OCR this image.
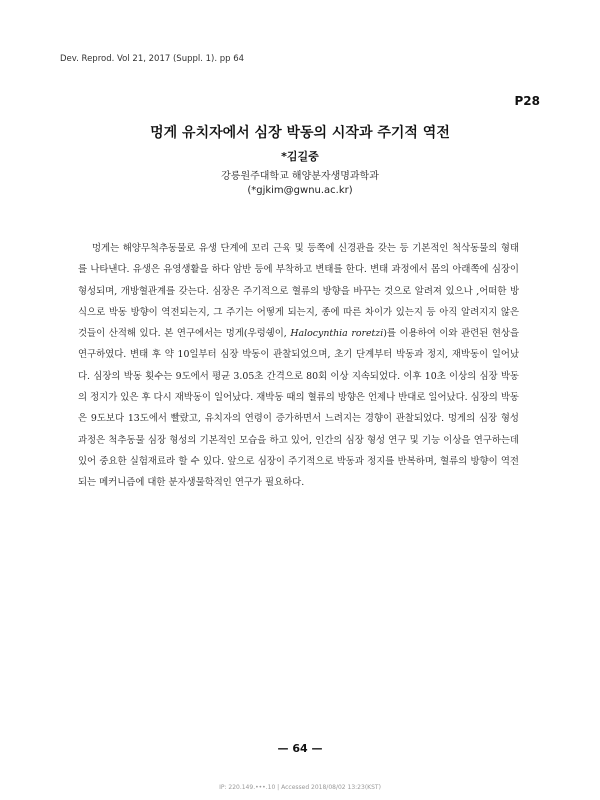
Dev. Reprod. Vol 21, 2017 (Suppl. 1). pp 64
P28
멍게 유치자에서 심장 박동의 시작과 주기적 역전
*김길중
강릉원주대학교 해양분자생명과학과
(*gjkim@gwnu.ac.kr)

멍게는 해양무척추동물로 유생 단계에 꼬리 근육 및 등쪽에 신경관을 갖는 등 기본적인 척삭동물의 형태를 나타낸다. 유생은 유영생활을 하다 암반 등에 부착하고 변태를 한다. 변태 과정에서 몸의 아래쪽에 심장이 형성되며, 개방혈관계를 갖는다. 심장은 주기적으로 혈류의 방향을 바꾸는 것으로 알려져 있으나 ,어떠한 방식으로 박동 방향이 역전되는지, 그 주기는 어떻게 되는지, 종에 따른 차이가 있는지 등 아직 알려지지 않은 것들이 산적해 있다. 본 연구에서는 멍게(우렁쉥이, Halocynthia roretzi)를 이용하여 이와 관련된 현상을 연구하였다. 변태 후 약 10일부터 심장 박동이 관찰되었으며, 초기 단계부터 박동과 정지, 재박동이 일어났다. 심장의 박동 횟수는 9도에서 평균 3.05초 간격으로 80회 이상 지속되었다. 이후 10초 이상의 심장 박동의 정지가 있은 후 다시 재박동이 일어났다. 재박동 때의 혈류의 방향은 언제나 반대로 일어났다. 심장의 박동은 9도보다 13도에서 빨랐고, 유치자의 연령이 증가하면서 느려지는 경향이 관찰되었다. 멍게의 심장 형성 과정은 척추동물 심장 형성의 기본적인 모습을 하고 있어, 인간의 심장 형성 연구 및 기능 이상을 연구하는데 있어 중요한 실험재료라 할 수 있다. 앞으로 심장이 주기적으로 박동과 정지를 반복하며, 혈류의 방향이 역전되는 메커니즘에 대한 분자생물학적인 연구가 필요하다.

— 64 —
IP: 220.149.•••.10 | Accessed 2018/08/02 13:23(KST)
